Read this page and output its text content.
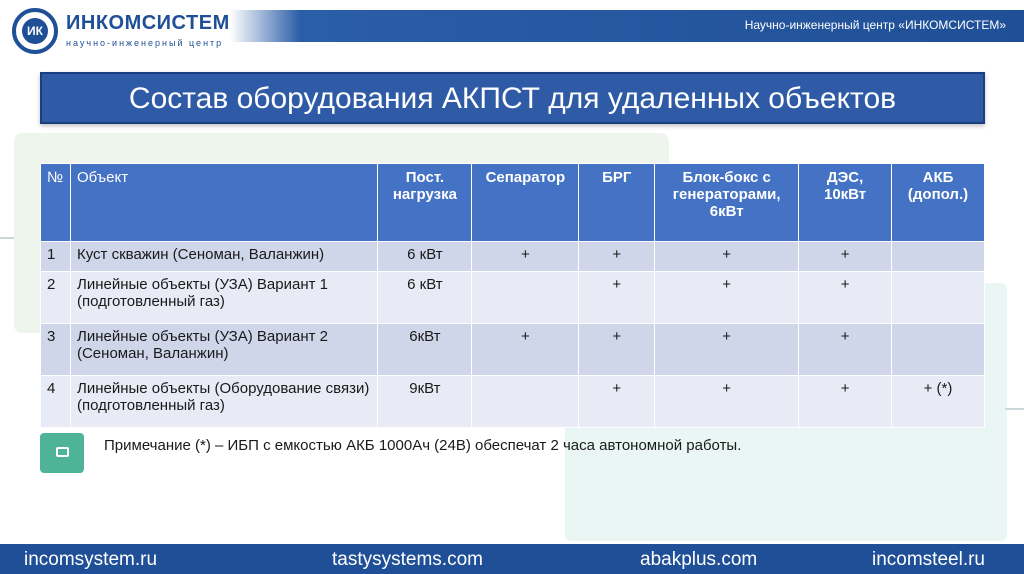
Научно-инженерный центр «ИНКОМСИСТЕМ»
ИК ИНКОМСИСТЕМ
научно-инженерный центр
Состав оборудования АКПСТ для удаленных объектов
№	Объект	Пост. нагрузка	Сепаратор	БРГ	Блок-бокс с генераторами, 6кВт	ДЭС, 10кВт	АКБ (допол.)
1	Куст скважин (Сеноман, Валанжин)	6 кВт	+	+	+	+	
2	Линейные объекты (УЗА) Вариант 1 (подготовленный газ)	6 кВт		+	+	+	
3	Линейные объекты (УЗА) Вариант 2 (Сеноман, Валанжин)	6кВт	+	+	+	+	
4	Линейные объекты (Оборудование связи) (подготовленный газ)	9кВт		+	+	+	+ (*)
Примечание (*) – ИБП с емкостью АКБ 1000Ач (24В) обеспечат 2 часа автономной работы.
incomsystem.ru	tastysystems.com	abakplus.com	incomsteel.ru
